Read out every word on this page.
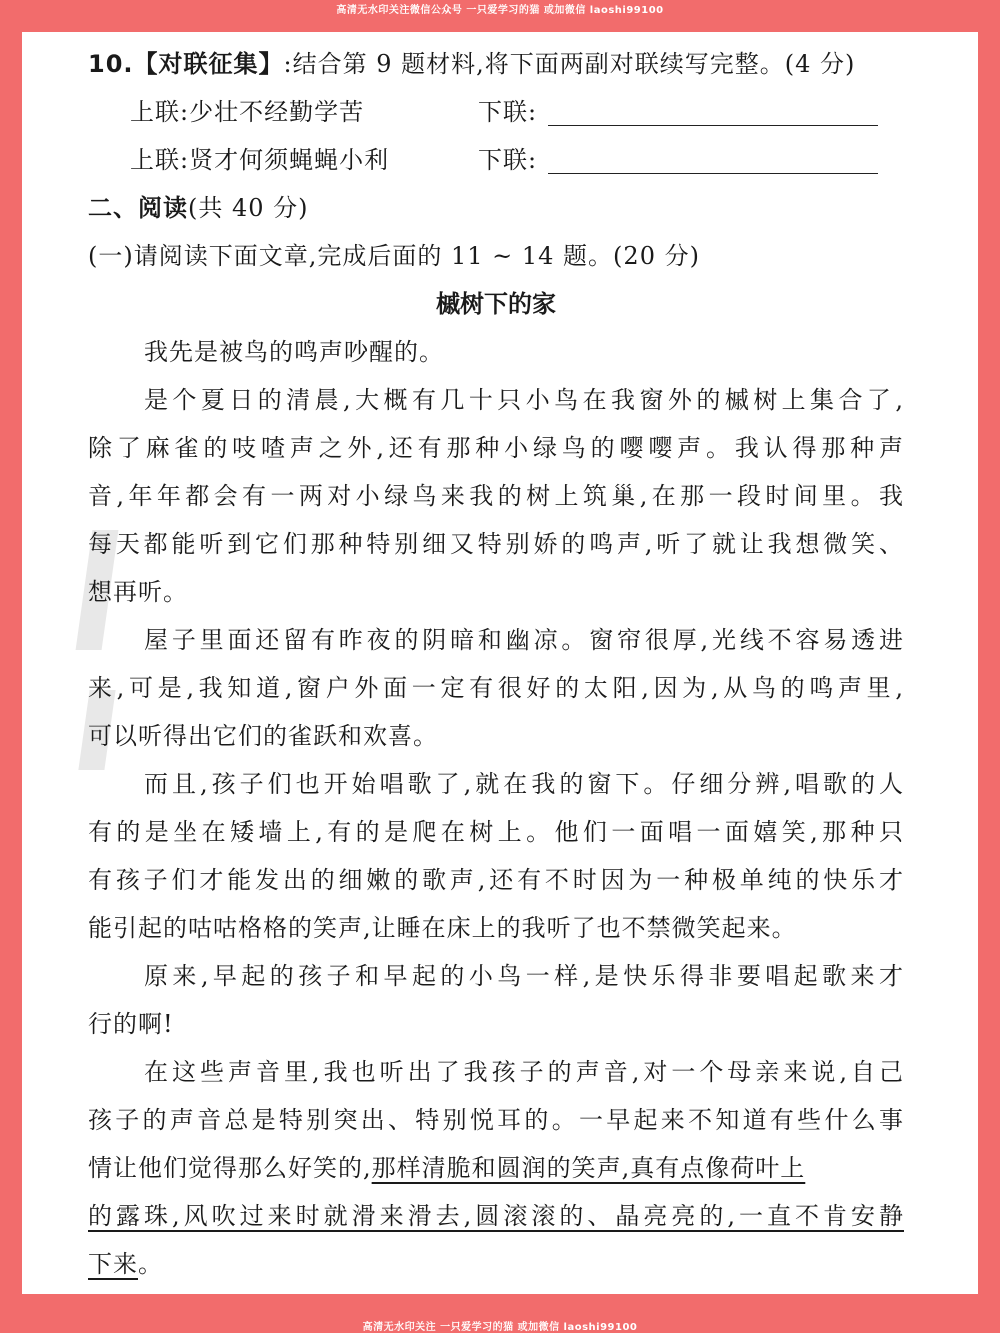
高清无水印关注微信公众号 一只爱学习的猫 或加微信 laoshi99100
10.【对联征集】:结合第 9 题材料,将下面两副对联续写完整。(4 分)
上联:少壮不经勤学苦	下联:
上联:贤才何须蝇蝇小利	下联:
二、阅读(共 40 分)
(一)请阅读下面文章,完成后面的 11 ~ 14 题。(20 分)
槭树下的家
我先是被鸟的鸣声吵醒的。
是个夏日的清晨,大概有几十只小鸟在我窗外的槭树上集合了,
除了麻雀的吱喳声之外,还有那种小绿鸟的嘤嘤声。我认得那种声
音,年年都会有一两对小绿鸟来我的树上筑巢,在那一段时间里。我
每天都能听到它们那种特别细又特别娇的鸣声,听了就让我想微笑、
想再听。
屋子里面还留有昨夜的阴暗和幽凉。窗帘很厚,光线不容易透进
来,可是,我知道,窗户外面一定有很好的太阳,因为,从鸟的鸣声里,
可以听得出它们的雀跃和欢喜。
而且,孩子们也开始唱歌了,就在我的窗下。仔细分辨,唱歌的人
有的是坐在矮墙上,有的是爬在树上。他们一面唱一面嬉笑,那种只
有孩子们才能发出的细嫩的歌声,还有不时因为一种极单纯的快乐才
能引起的咕咕格格的笑声,让睡在床上的我听了也不禁微笑起来。
原来,早起的孩子和早起的小鸟一样,是快乐得非要唱起歌来才
行的啊!
在这些声音里,我也听出了我孩子的声音,对一个母亲来说,自己
孩子的声音总是特别突出、特别悦耳的。一早起来不知道有些什么事
情让他们觉得那么好笑的,那样清脆和圆润的笑声,真有点像荷叶上
的露珠,风吹过来时就滑来滑去,圆滚滚的、晶亮亮的,一直不肯安静
下来。
高清无水印关注 一只爱学习的猫 或加微信 laoshi99100
